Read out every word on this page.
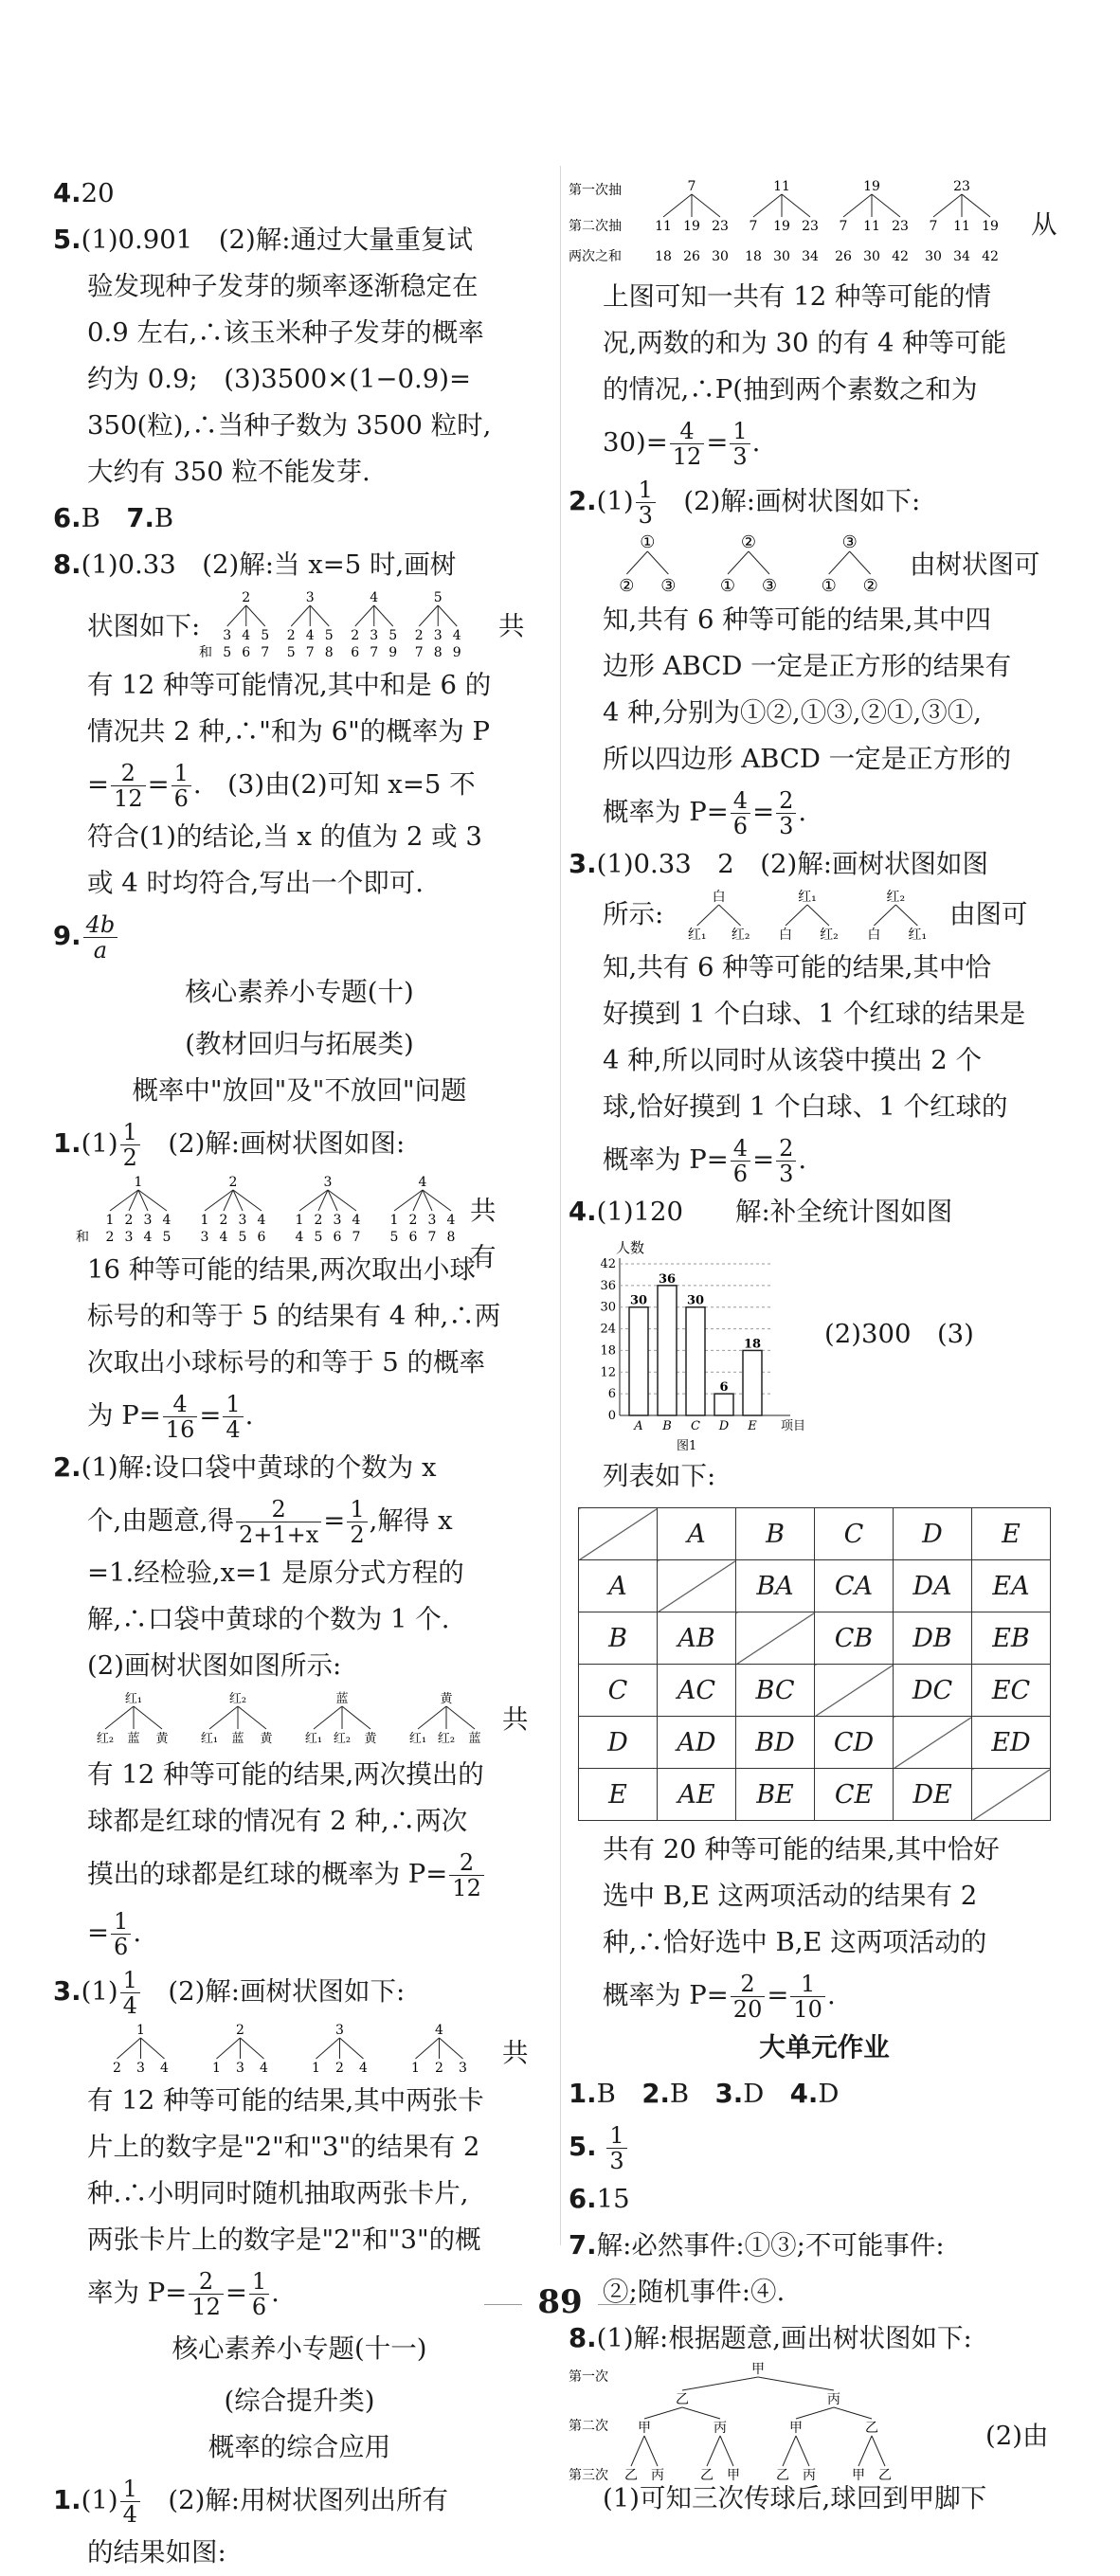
4.20

5.(1)0.901　(2)解:通过大量重复试

验发现种子发芽的频率逐渐稳定在

0.9 左右,∴该玉米种子发芽的概率

约为 0.9;　(3)3500×(1−0.9)=

350(粒),∴当种子数为 3500 粒时,

大约有 350 粒不能发芽.

6.B　7.B

8.(1)0.33　(2)解:当 x=5 时,画树

状图如下:
2
3
5
4
6
5
7
3
2
5
4
7
5
8
4
2
6
3
7
5
9
5
2
7
3
8
4
9
和
共

有 12 种等可能情况,其中和是 6 的

情况共 2 种,∴"和为 6"的概率为 P

= $\frac{2}{12} = \frac{1}{6}$ .　(3)由(2)可知 x=5 不

符合(1)的结论,当 x 的值为 2 或 3

或 4 时均符合,写出一个即可.

9. $\frac{4b}{a}$

核心素养小专题(十)

(教材回归与拓展类)

概率中"放回"及"不放回"问题

$1.(1) \frac{1}{2}$ 　(2)解:画树状图如图:

1
1
2
2
3
3
4
4
5
2
1
3
2
4
3
5
4
6
3
1
4
2
5
3
6
4
7
4
1
5
2
6
3
7
4
8
和
共　有

16 种等可能的结果,两次取出小球

标号的和等于 5 的结果有 4 种,∴两

次取出小球标号的和等于 5 的概率

为 $P= \frac{4}{16} = \frac{1}{4}$ .

2.(1)解:设口袋中黄球的个数为 x

个,由题意,得 $\frac{2}{2+1+x} = \frac{1}{2}$ ,解得 x

=1.经检验,x=1 是原分式方程的

解,∴口袋中黄球的个数为 1 个.

(2)画树状图如图所示:

红₁
红₂ 蓝 黄
红₂
红₁ 蓝 黄
蓝
红₁ 红₂ 黄
黄
红₁ 红₂ 蓝
共

有 12 种等可能的结果,两次摸出的

球都是红球的情况有 2 种,∴两次

摸出的球都是红球的概率为 $P= \frac{2}{12}$

= $\frac{1}{6}$ .

$3.(1) \frac{1}{4}$ 　(2)解:画树状图如下:

1
2 3 4
2
1 3 4
3
1 2 4
4
1 2 3 共

有 12 种等可能的结果,其中两张卡

片上的数字是"2"和"3"的结果有 2

种.∴小明同时随机抽取两张卡片,

两张卡片上的数字是"2"和"3"的概

率为 $P= \frac{2}{12} = \frac{1}{6}$ .

核心素养小专题(十一)

(综合提升类)

概率的综合应用

$1.(1) \frac{1}{4}$ 　(2)解:用树状图列出所有

的结果如图:

第一次抽
第二次抽
两次之和
7
11
18
19
26
23
30
11
7
18
19
30
23
34
19
7
26
11
30
23
42
23
7
30
11
34
19
42
从

上图可知一共有 12 种等可能的情

况,两数的和为 30 的有 4 种等可能

的情况,∴P(抽到两个素数之和为

$30)= \frac{4}{12} = \frac{1}{3}$ .

$2.(1) \frac{1}{3}$ 　(2)解:画树状图如下:

①
② ③
②
① ③
③
① ②
由树状图可

知,共有 6 种等可能的结果,其中四

边形 ABCD 一定是正方形的结果有

4 种,分别为①②,①③,②①,③①,

所以四边形 ABCD 一定是正方形的

概率为 $P= \frac{4}{6} = \frac{2}{3}$ .

3.(1)0.33　2　(2)解:画树状图如图

所示:
白
红₁ 红₂
红₁
白 红₂
红₂
白 红₁
由图可

知,共有 6 种等可能的结果,其中恰

好摸到 1 个白球、1 个红球的结果是

4 种,所以同时从该袋中摸出 2 个

球,恰好摸到 1 个白球、1 个红球的

概率为 $P= \frac{4}{6} = \frac{2}{3}$ .

4.(1)120　　解:补全统计图如图

人数
0
6
12
18
24
30
36
42
30
A
36
B
30
C
6
D
18
E 项目
图1
(2)300　(3)

列表如下:

	A	B	C	D	E
A		BA	CA	DA	EA
B	AB		CB	DB	EB
C	AC	BC		DC	EC
D	AD	BD	CD		ED
E	AE	BE	CE	DE	

共有 20 种等可能的结果,其中恰好

选中 B,E 这两项活动的结果有 2

种,∴恰好选中 B,E 这两项活动的

概率为 $P= \frac{2}{20} = \frac{1}{10}$ .

大单元作业

1.B　 2.B　 3.D　 4.D

5. $\frac{1}{3}$

6.15

7.解:必然事件:①③;不可能事件:

②;随机事件:④.

8.(1)解:根据题意,画出树状图如下:

第一次
第二次
第三次
甲
乙
甲
乙 丙
丙
乙 甲
丙
甲
乙 丙
乙
甲 乙
(2)由

(1)可知三次传球后,球回到甲脚下

89
